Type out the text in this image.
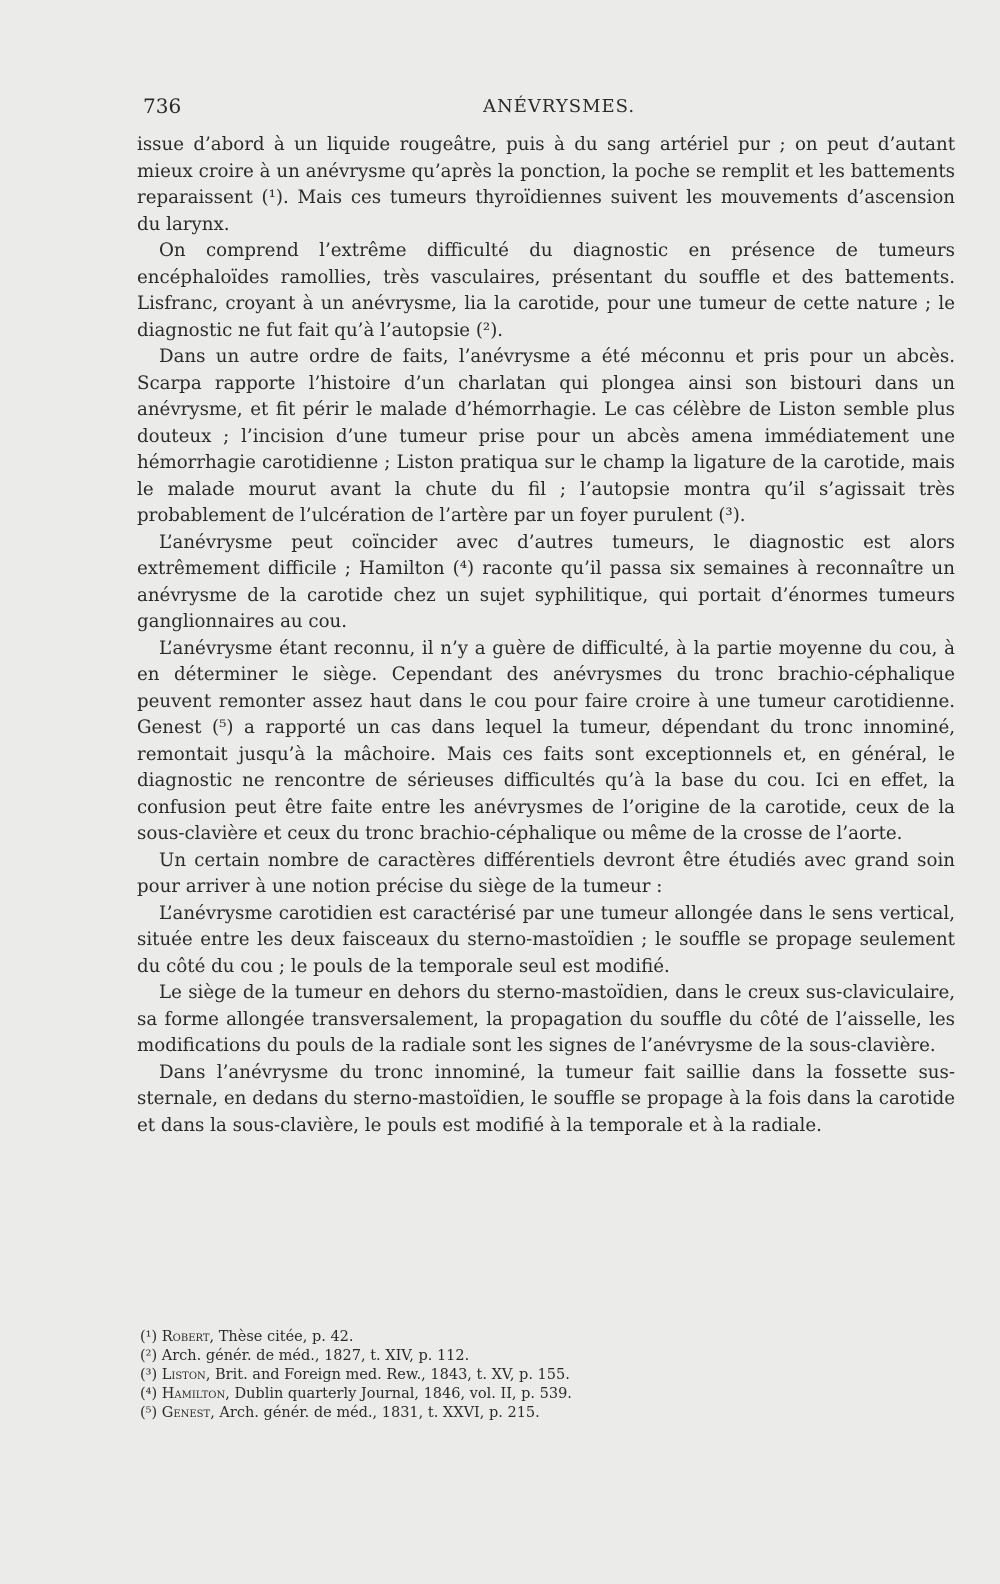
736	ANÉVRYSMES.

issue d’abord à un liquide rougeâtre, puis à du sang artériel pur ; on peut d’autant mieux croire à un anévrysme qu’après la ponction, la poche se remplit et les battements reparaissent (¹). Mais ces tumeurs thyroïdiennes suivent les mouvements d’ascension du larynx.

On comprend l’extrême difficulté du diagnostic en présence de tumeurs encéphaloïdes ramollies, très vasculaires, présentant du souffle et des battements. Lisfranc, croyant à un anévrysme, lia la carotide, pour une tumeur de cette nature ; le diagnostic ne fut fait qu’à l’autopsie (²).

Dans un autre ordre de faits, l’anévrysme a été méconnu et pris pour un abcès. Scarpa rapporte l’histoire d’un charlatan qui plongea ainsi son bistouri dans un anévrysme, et fit périr le malade d’hémorrhagie. Le cas célèbre de Liston semble plus douteux ; l’incision d’une tumeur prise pour un abcès amena immédiatement une hémorrhagie carotidienne ; Liston pratiqua sur le champ la ligature de la carotide, mais le malade mourut avant la chute du fil ; l’autopsie montra qu’il s’agissait très probablement de l’ulcération de l’artère par un foyer purulent (³).

L’anévrysme peut coïncider avec d’autres tumeurs, le diagnostic est alors extrêmement difficile ; Hamilton (⁴) raconte qu’il passa six semaines à reconnaître un anévrysme de la carotide chez un sujet syphilitique, qui portait d’énormes tumeurs ganglionnaires au cou.

L’anévrysme étant reconnu, il n’y a guère de difficulté, à la partie moyenne du cou, à en déterminer le siège. Cependant des anévrysmes du tronc brachio-céphalique peuvent remonter assez haut dans le cou pour faire croire à une tumeur carotidienne. Genest (⁵) a rapporté un cas dans lequel la tumeur, dépendant du tronc innominé, remontait jusqu’à la mâchoire. Mais ces faits sont exceptionnels et, en général, le diagnostic ne rencontre de sérieuses difficultés qu’à la base du cou. Ici en effet, la confusion peut être faite entre les anévrysmes de l’origine de la carotide, ceux de la sous-clavière et ceux du tronc brachio-céphalique ou même de la crosse de l’aorte.

Un certain nombre de caractères différentiels devront être étudiés avec grand soin pour arriver à une notion précise du siège de la tumeur :

L’anévrysme carotidien est caractérisé par une tumeur allongée dans le sens vertical, située entre les deux faisceaux du sterno-mastoïdien ; le souffle se propage seulement du côté du cou ; le pouls de la temporale seul est modifié.

Le siège de la tumeur en dehors du sterno-mastoïdien, dans le creux sus-claviculaire, sa forme allongée transversalement, la propagation du souffle du côté de l’aisselle, les modifications du pouls de la radiale sont les signes de l’anévrysme de la sous-clavière.

Dans l’anévrysme du tronc innominé, la tumeur fait saillie dans la fossette sus-sternale, en dedans du sterno-mastoïdien, le souffle se propage à la fois dans la carotide et dans la sous-clavière, le pouls est modifié à la temporale et à la radiale.

(¹) Robert, Thèse citée, p. 42.

(²) Arch. génér. de méd., 1827, t. XIV, p. 112.

(³) Liston, Brit. and Foreign med. Rew., 1843, t. XV, p. 155.

(⁴) Hamilton, Dublin quarterly Journal, 1846, vol. II, p. 539.

(⁵) Genest, Arch. génér. de méd., 1831, t. XXVI, p. 215.
